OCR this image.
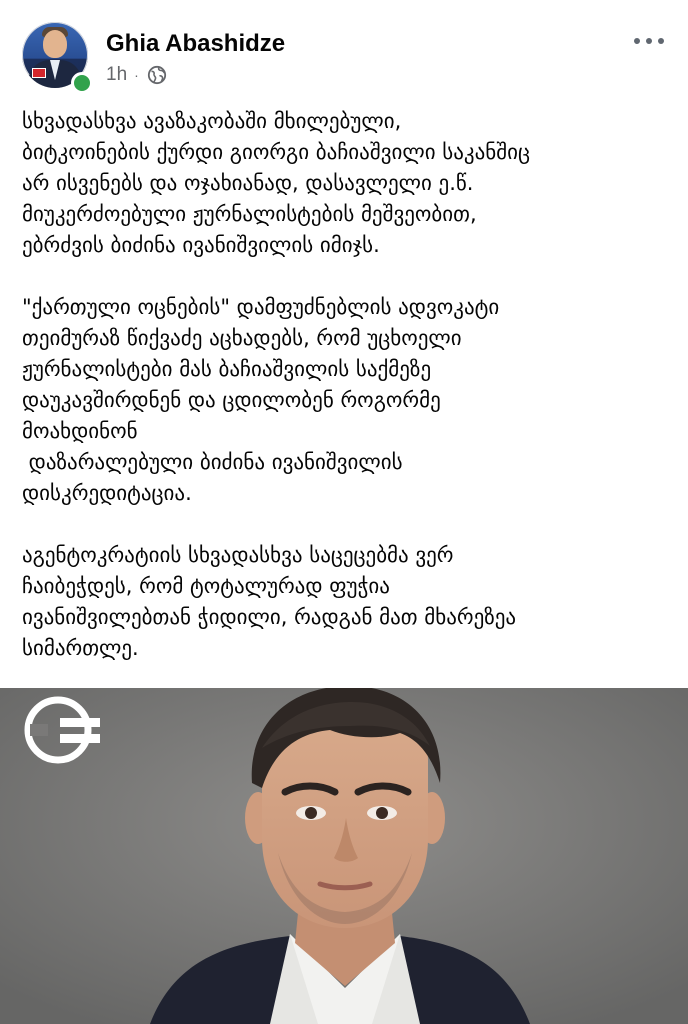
Ghia Abashidze
1h ·
სხვადასხვა ავაზაკობაში მხილებული,
ბიტკოინების ქურდი გიორგი ბაჩიაშვილი საკანშიც
არ ისვენებს და ოჯახიანად, დასავლელი ე.წ.
მიუკერძოებული ჟურნალისტების მეშვეობით,
ებრძვის ბიძინა ივანიშვილის იმიჯს.
"ქართული ოცნების" დამფუძნებლის ადვოკატი
თეიმურაზ წიქვაძე აცხადებს, რომ უცხოელი
ჟურნალისტები მას ბაჩიაშვილის საქმეზე
დაუკავშირდნენ და ცდილობენ როგორმე
მოახდინონ
დაზარალებული ბიძინა ივანიშვილის
დისკრედიტაცია.
აგენტოკრატიის სხვადასხვა საცეცებმა ვერ
ჩაიბეჭდეს, რომ ტოტალურად ფუჭია
ივანიშვილებთან ჭიდილი, რადგან მათ მხარეზეა
სიმართლე.
